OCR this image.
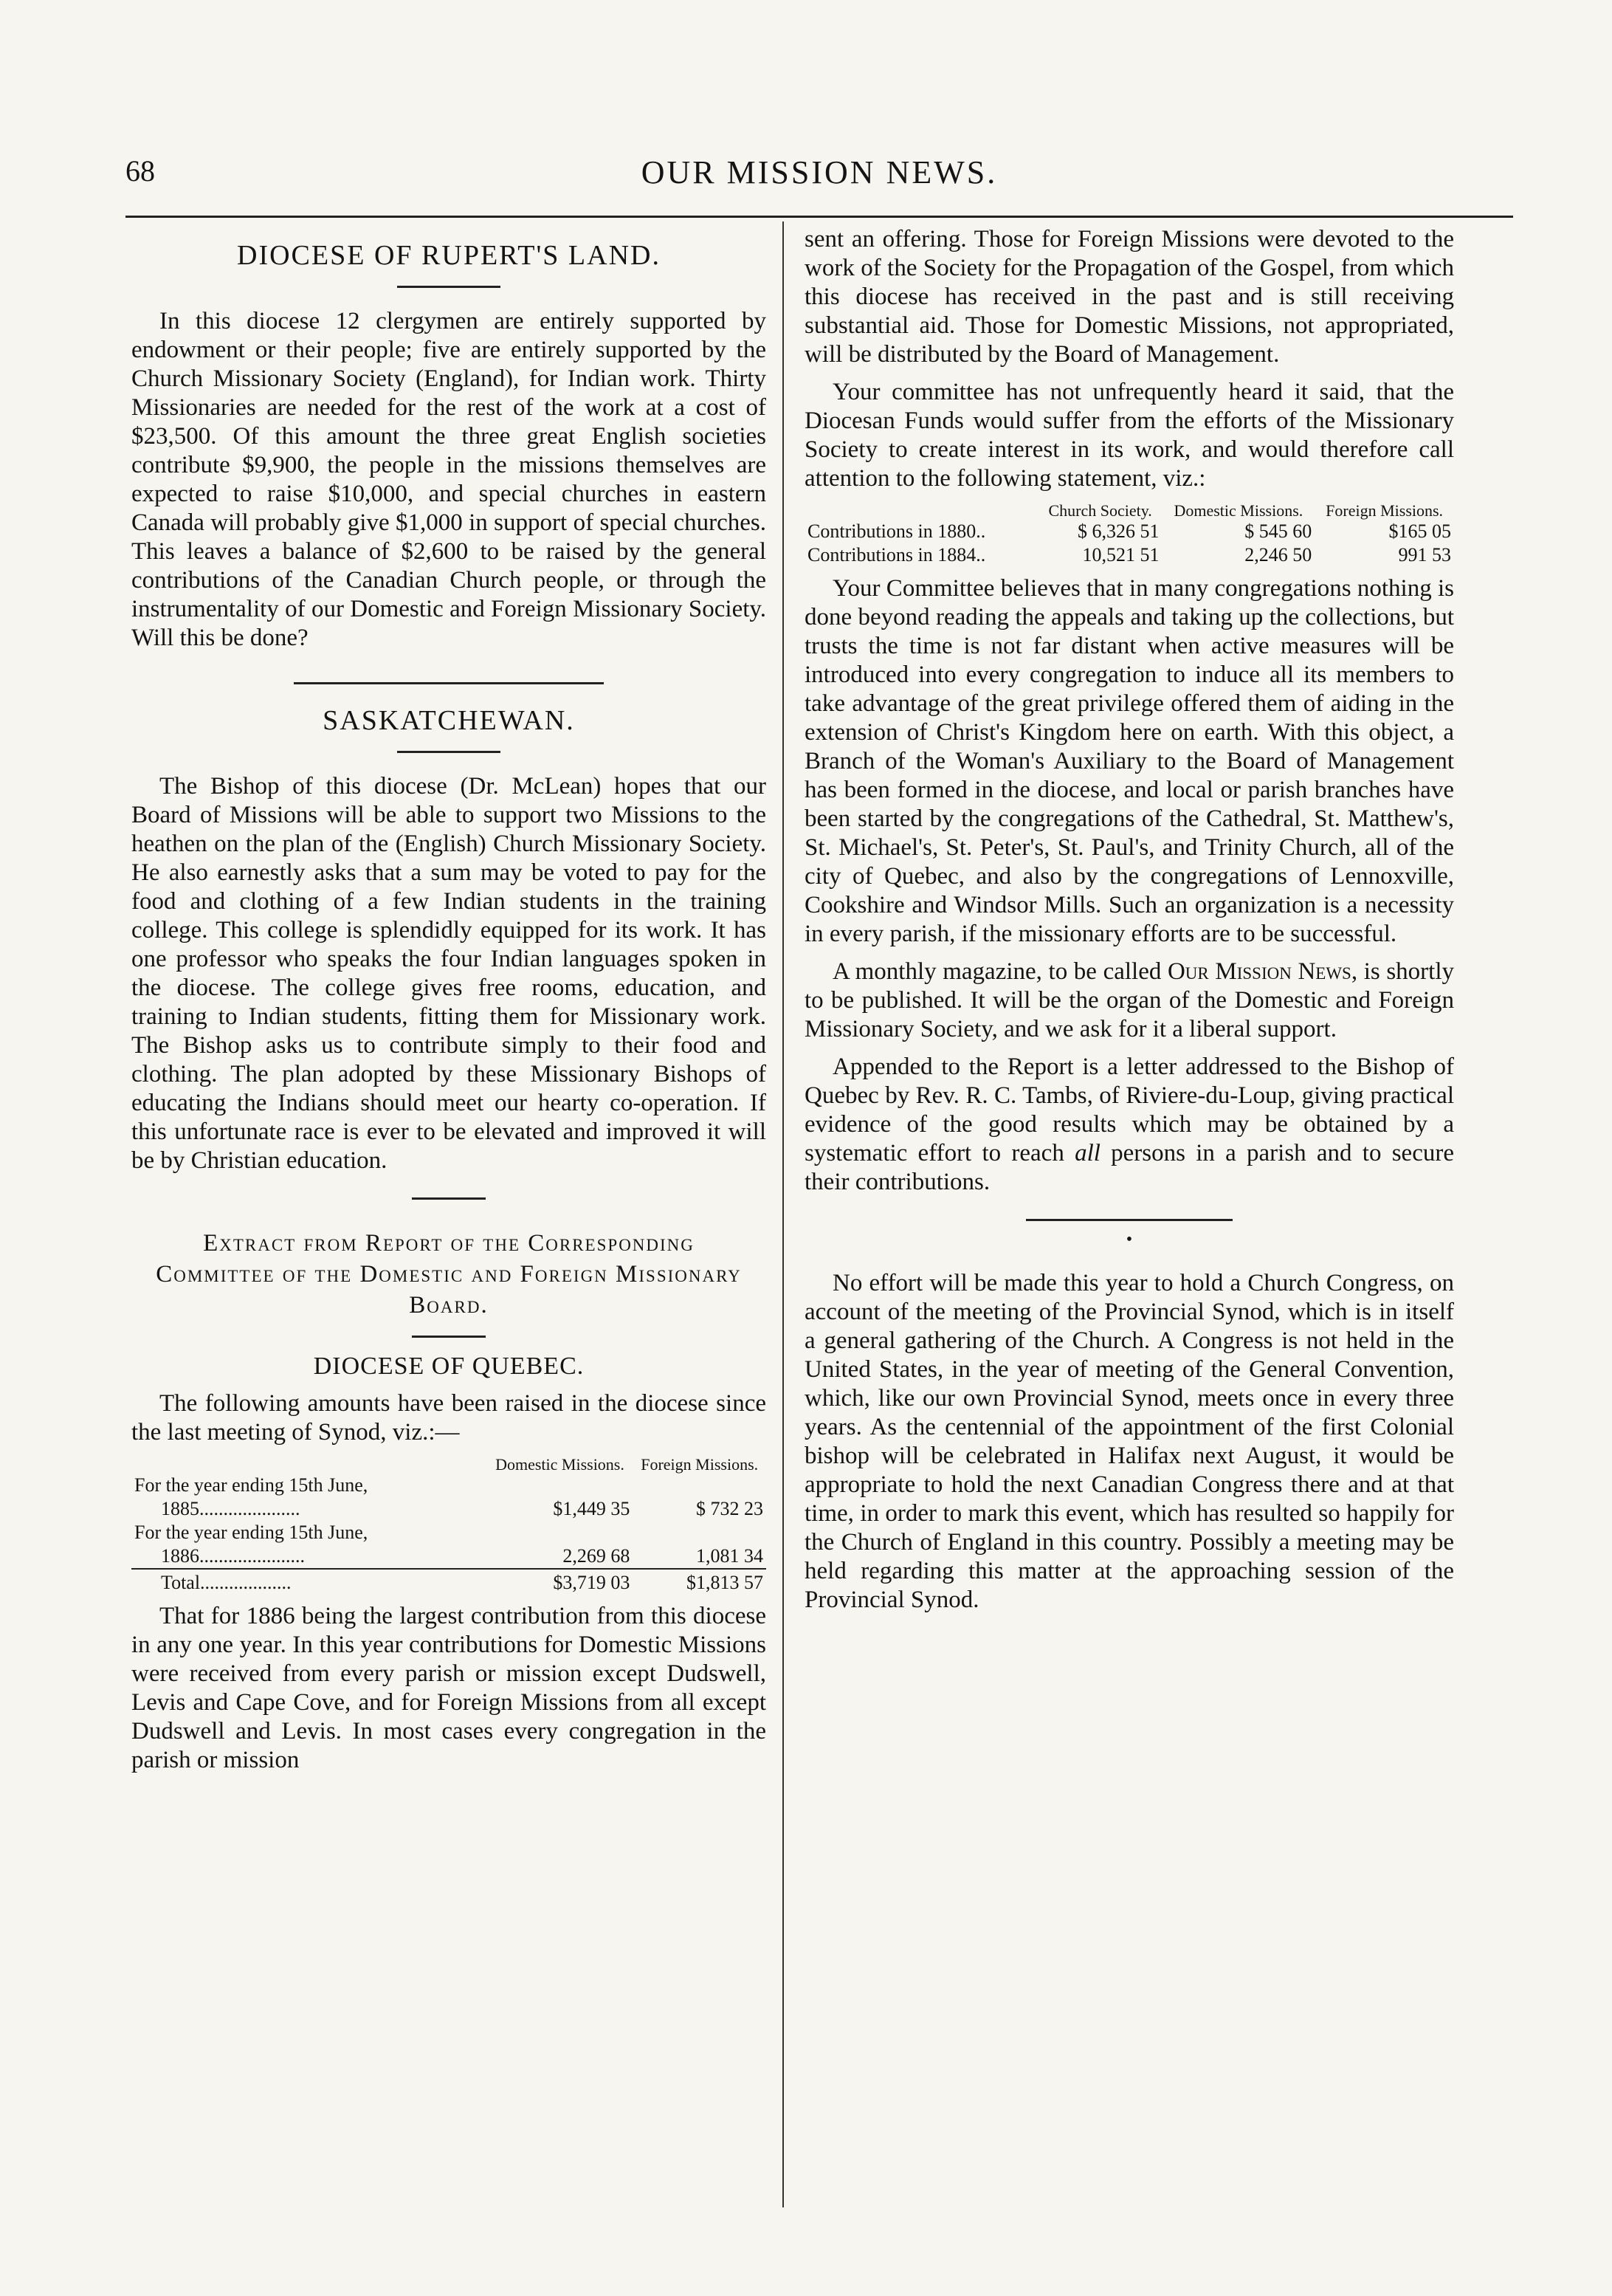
68	OUR MISSION NEWS.
DIOCESE OF RUPERT'S LAND.

In this diocese 12 clergymen are entirely supported by endowment or their people; five are entirely supported by the Church Missionary Society (England), for Indian work. Thirty Missionaries are needed for the rest of the work at a cost of $23,500. Of this amount the three great English societies contribute $9,900, the people in the missions themselves are expected to raise $10,000, and special churches in eastern Canada will probably give $1,000 in support of special churches. This leaves a balance of $2,600 to be raised by the general contributions of the Canadian Church people, or through the instrumentality of our Domestic and Foreign Missionary Society. Will this be done?

SASKATCHEWAN.

The Bishop of this diocese (Dr. McLean) hopes that our Board of Missions will be able to support two Missions to the heathen on the plan of the (English) Church Missionary Society. He also earnestly asks that a sum may be voted to pay for the food and clothing of a few Indian students in the training college. This college is splendidly equipped for its work. It has one professor who speaks the four Indian languages spoken in the diocese. The college gives free rooms, education, and training to Indian students, fitting them for Missionary work. The Bishop asks us to contribute simply to their food and clothing. The plan adopted by these Missionary Bishops of educating the Indians should meet our hearty co-operation. If this unfortunate race is ever to be elevated and improved it will be by Christian education.

Extract from Report of the Corresponding Committee of the Domestic and Foreign Missionary Board.
DIOCESE OF QUEBEC.

The following amounts have been raised in the diocese since the last meeting of Synod, viz.:—

	Domestic Missions.	Foreign Missions.
For the year ending 15th June,		
1885.....................	$1,449 35	$ 732 23
For the year ending 15th June,		
1886......................	2,269 68	1,081 34

Total...................	$3,719 03	$1,813 57

That for 1886 being the largest contribution from this diocese in any one year. In this year contributions for Domestic Missions were received from every parish or mission except Dudswell, Levis and Cape Cove, and for Foreign Missions from all except Dudswell and Levis. In most cases every congregation in the parish or mission

sent an offering. Those for Foreign Missions were devoted to the work of the Society for the Propagation of the Gospel, from which this diocese has received in the past and is still receiving substantial aid. Those for Domestic Missions, not appropriated, will be distributed by the Board of Management.

Your committee has not unfrequently heard it said, that the Diocesan Funds would suffer from the efforts of the Missionary Society to create interest in its work, and would therefore call attention to the following statement, viz.:

	Church Society.	Domestic Missions.	Foreign Missions.
Contributions in 1880..	$ 6,326 51	$ 545 60	$165 05
Contributions in 1884..	10,521 51	2,246 50	991 53

Your Committee believes that in many congregations nothing is done beyond reading the appeals and taking up the collections, but trusts the time is not far distant when active measures will be introduced into every congregation to induce all its members to take advantage of the great privilege offered them of aiding in the extension of Christ's Kingdom here on earth. With this object, a Branch of the Woman's Auxiliary to the Board of Management has been formed in the diocese, and local or parish branches have been started by the congregations of the Cathedral, St. Matthew's, St. Michael's, St. Peter's, St. Paul's, and Trinity Church, all of the city of Quebec, and also by the congregations of Lennoxville, Cookshire and Windsor Mills. Such an organization is a necessity in every parish, if the missionary efforts are to be successful.

A monthly magazine, to be called Our Mission News, is shortly to be published. It will be the organ of the Domestic and Foreign Missionary Society, and we ask for it a liberal support.

Appended to the Report is a letter addressed to the Bishop of Quebec by Rev. R. C. Tambs, of Riviere-du-Loup, giving practical evidence of the good results which may be obtained by a systematic effort to reach all persons in a parish and to secure their contributions.

•

No effort will be made this year to hold a Church Congress, on account of the meeting of the Provincial Synod, which is in itself a general gathering of the Church. A Congress is not held in the United States, in the year of meeting of the General Convention, which, like our own Provincial Synod, meets once in every three years. As the centennial of the appointment of the first Colonial bishop will be celebrated in Halifax next August, it would be appropriate to hold the next Canadian Congress there and at that time, in order to mark this event, which has resulted so happily for the Church of England in this country. Possibly a meeting may be held regarding this matter at the approaching session of the Provincial Synod.
